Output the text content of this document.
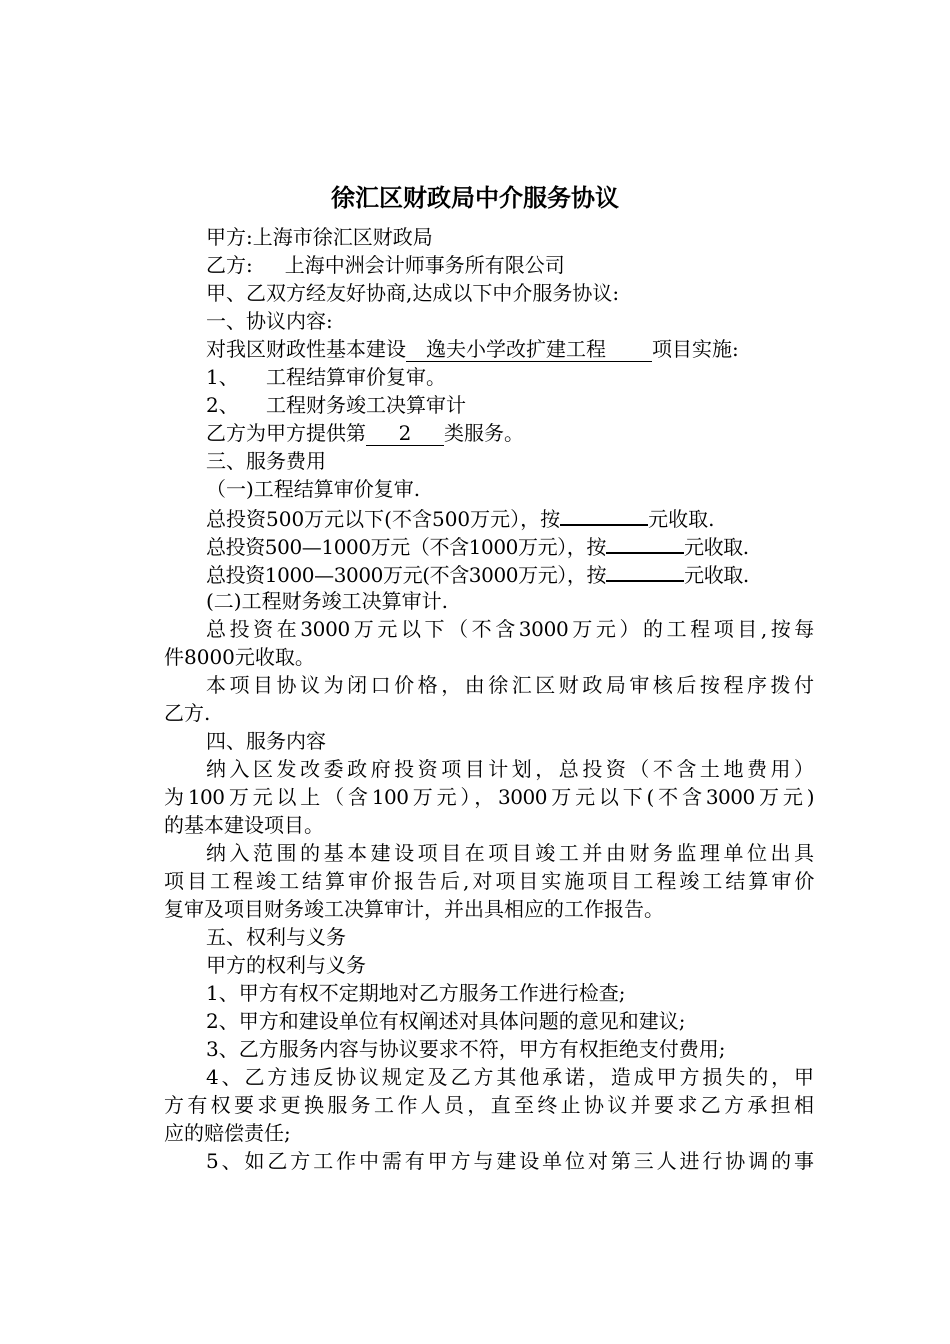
徐汇区财政局中介服务协议
甲方:上海市徐汇区财政局
乙方: 上海中洲会计师事务所有限公司
甲、乙双方经友好协商,达成以下中介服务协议:
一、协议内容:
对我区财政性基本建设 逸夫小学改扩建工程 项目实施:
1、 工程结算审价复审。
2、 工程财务竣工决算审计
乙方为甲方提供第 2 类服务。
三、服务费用
（一)工程结算审价复审.
总投资500万元以下(不含500万元），按	元收取.
总投资500—1000万元（不含1000万元），按	元收取.
总投资1000—3000万元(不含3000万元），按	元收取.
(二)工程财务竣工决算审计.
总投资在3000万元以下（不含3000万元）的工程项目,按每
件8000元收取。
本项目协议为闭口价格，由徐汇区财政局审核后按程序拨付
乙方.
四、服务内容
纳入区发改委政府投资项目计划，总投资（不含土地费用）
为100万元以上（含100万元），3000万元以下(不含3000万元)
的基本建设项目。
纳入范围的基本建设项目在项目竣工并由财务监理单位出具
项目工程竣工结算审价报告后,对项目实施项目工程竣工结算审价
复审及项目财务竣工决算审计，并出具相应的工作报告。
五、权利与义务
甲方的权利与义务
1、甲方有权不定期地对乙方服务工作进行检查;
2、甲方和建设单位有权阐述对具体问题的意见和建议;
3、乙方服务内容与协议要求不符，甲方有权拒绝支付费用;
4、乙方违反协议规定及乙方其他承诺，造成甲方损失的，甲
方有权要求更换服务工作人员，直至终止协议并要求乙方承担相
应的赔偿责任;
5、如乙方工作中需有甲方与建设单位对第三人进行协调的事
